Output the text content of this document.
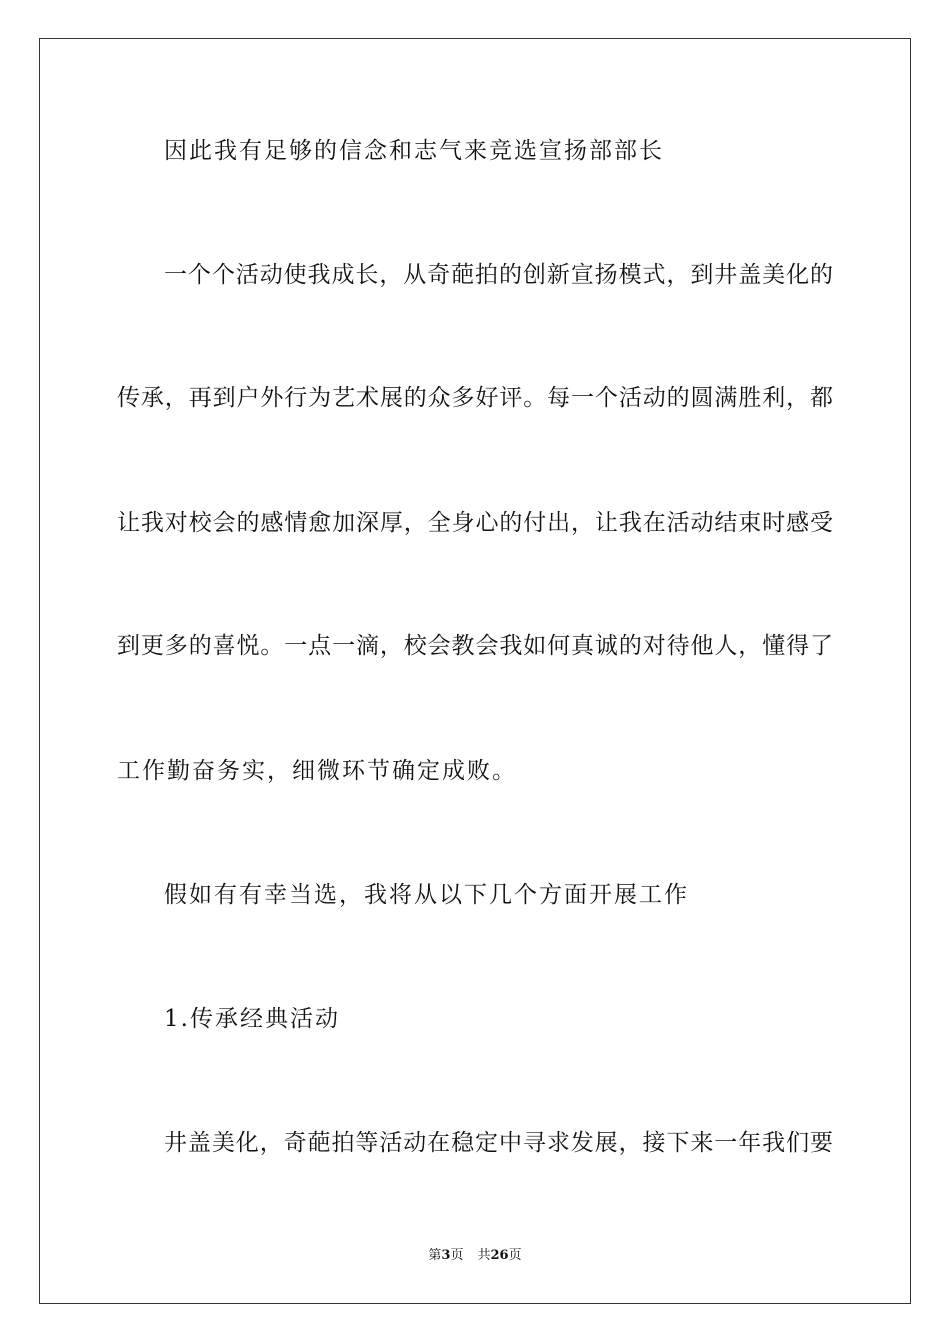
因此我有足够的信念和志气来竞选宣扬部部长
一个个活动使我成长，从奇葩拍的创新宣扬模式，到井盖美化的
传承，再到户外行为艺术展的众多好评。每一个活动的圆满胜利，都
让我对校会的感情愈加深厚，全身心的付出，让我在活动结束时感受
到更多的喜悦。一点一滴，校会教会我如何真诚的对待他人，懂得了
工作勤奋务实，细微环节确定成败。
假如有有幸当选，我将从以下几个方面开展工作
1.传承经典活动
井盖美化，奇葩拍等活动在稳定中寻求发展，接下来一年我们要
第3页 共26页
